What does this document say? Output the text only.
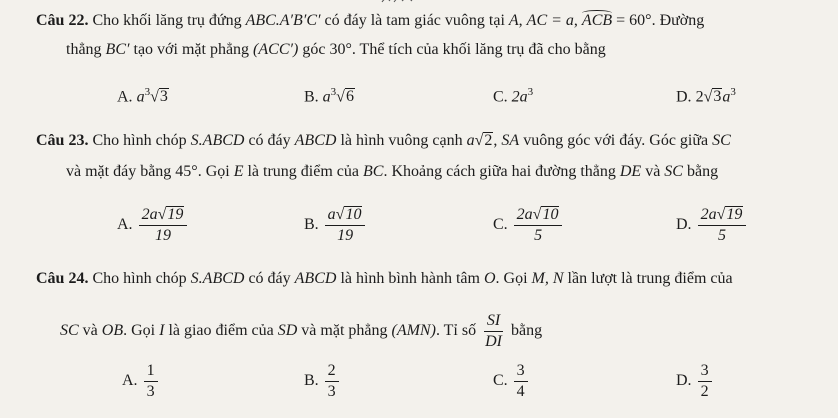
Câu 22. Cho khối lăng trụ đứng ABC.A′B′C′ có đáy là tam giác vuông tại A, AC = a, ACB = 60°. Đường
thẳng BC′ tạo với mặt phẳng (ACC′) góc 30°. Thể tích của khối lăng trụ đã cho bằng
A. $a^3√3$	B. $a^3√6$	C. $2a^3$	D. $2√3a^3$
Câu 23. Cho hình chóp S.ABCD có đáy ABCD là hình vuông cạnh a√2, SA vuông góc với đáy. Góc giữa SC
và mặt đáy bằng 45°. Gọi E là trung điểm của BC. Khoảng cách giữa hai đường thẳng DE và SC bằng
A. $\frac{2a√19}{19}$	B. $\frac{a√10}{19}$	C. $\frac{2a√10}{5}$	D. $\frac{2a√19}{5}$
Câu 24. Cho hình chóp S.ABCD có đáy ABCD là hình bình hành tâm O. Gọi M, N lần lượt là trung điểm của
SC và OB. Gọi I là giao điểm của SD và mặt phẳng (AMN). Tỉ số $\frac{SI}{DI}$ bằng
A. $\frac{1}{3}$	B. $\frac{2}{3}$	C. $\frac{3}{4}$	D. $\frac{3}{2}$
